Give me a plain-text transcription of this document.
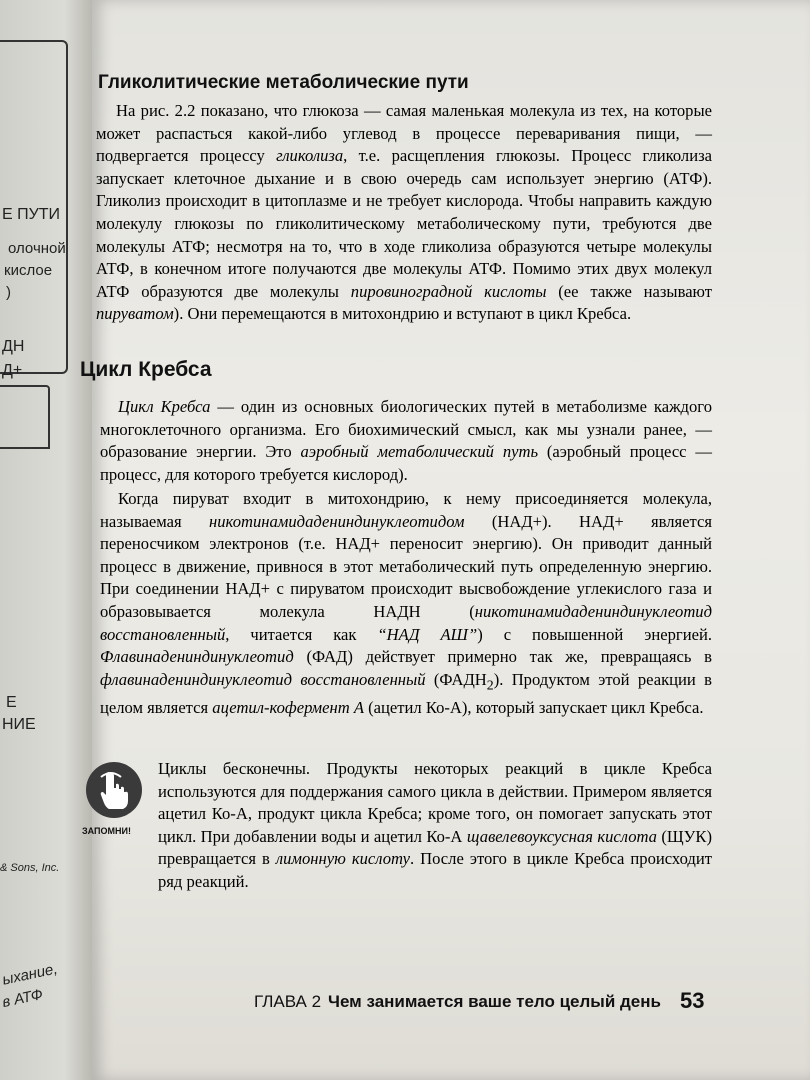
Е ПУТИ
олочной
кислое
)
ДН
Д+
Е
НИЕ
& Sons, Inc.
ыхание,
в АТФ
Гликолитические метаболические пути
На рис. 2.2 показано, что глюкоза — самая маленькая молекула из тех, на которые может распасться какой-либо углевод в процессе переваривания пищи, — подвергается процессу гликолиза, т.е. расщепления глюкозы. Процесс гликолиза запускает клеточное дыхание и в свою очередь сам использует энергию (АТФ). Гликолиз происходит в цитоплазме и не требует кислорода. Чтобы направить каждую молекулу глюкозы по гликолитическому метаболическому пути, требуются две молекулы АТФ; несмотря на то, что в ходе гликолиза образуются четыре молекулы АТФ, в конечном итоге получаются две молекулы АТФ. Помимо этих двух молекул АТФ образуются две молекулы пировиноградной кислоты (ее также называют пируватом). Они перемещаются в митохондрию и вступают в цикл Кребса.
Цикл Кребса
Цикл Кребса — один из основных биологических путей в метаболизме каждого многоклеточного организма. Его биохимический смысл, как мы узнали ранее, — образование энергии. Это аэробный метаболический путь (аэробный процесс — процесс, для которого требуется кислород).
Когда пируват входит в митохондрию, к нему присоединяется молекула, называемая никотинамидадениндинуклеотидом (НАД+). НАД+ является переносчиком электронов (т.е. НАД+ переносит энергию). Он приводит данный процесс в движение, привнося в этот метаболический путь определенную энергию. При соединении НАД+ с пируватом происходит высвобождение углекислого газа и образовывается молекула НАДН (никотинамидадениндинуклеотид восстановленный, читается как “НАД АШ”) с повышенной энергией. Флавинадениндинуклеотид (ФАД) действует примерно так же, превращаясь в флавинадениндинуклеотид восстановленный $(ФАДН_2)$. Продуктом этой реакции в целом является ацетил-кофермент А (ацетил Ко-А), который запускает цикл Кребса.
ЗАПОМНИ!
Циклы бесконечны. Продукты некоторых реакций в цикле Кребса используются для поддержания самого цикла в действии. Примером является ацетил Ко-А, продукт цикла Кребса; кроме того, он помогает запускать этот цикл. При добавлении воды и ацетил Ко-А щавелевоуксусная кислота (ЩУК) превращается в лимонную кислоту. После этого в цикле Кребса происходит ряд реакций.
ГЛАВА 2 Чем занимается ваше тело целый день 53
